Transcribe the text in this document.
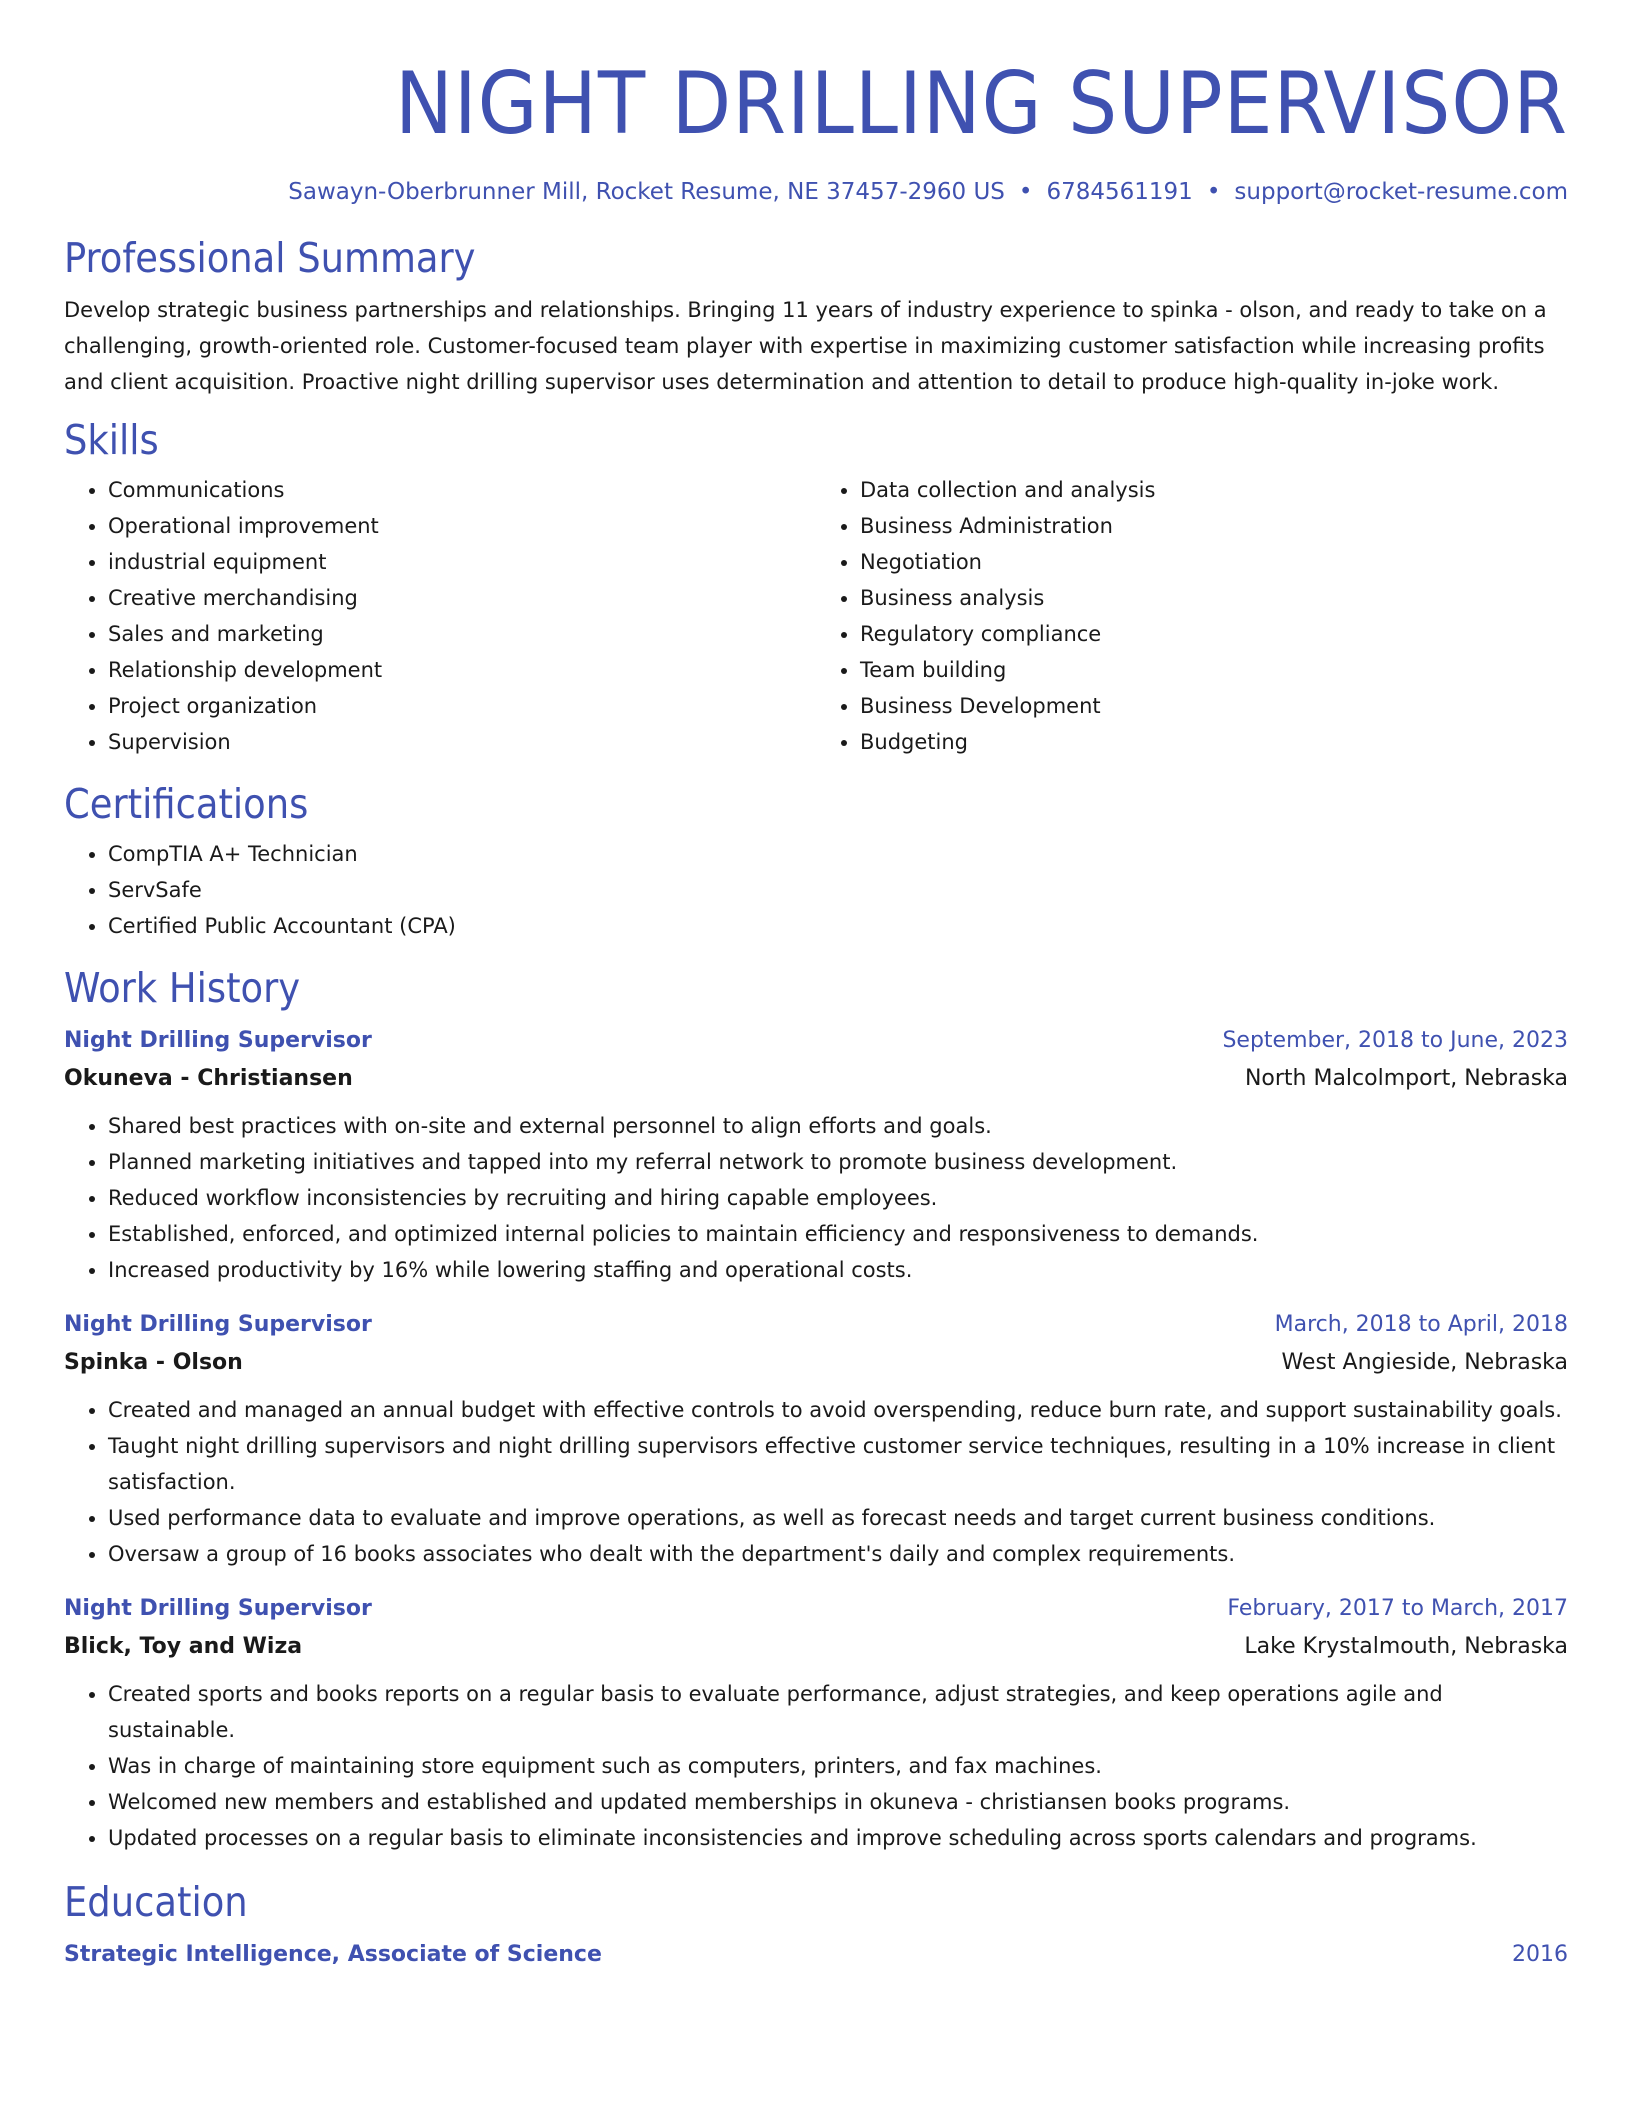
NIGHT DRILLING SUPERVISOR
Sawayn-Oberbrunner Mill, Rocket Resume, NE 37457-2960 US • 6784561191 • support@rocket-resume.com
Professional Summary

Develop strategic business partnerships and relationships. Bringing 11 years of industry experience to spinka - olson, and ready to take on a challenging, growth-oriented role. Customer-focused team player with expertise in maximizing customer satisfaction while increasing profits and client acquisition. Proactive night drilling supervisor uses determination and attention to detail to produce high-quality in-joke work.

Skills
• Communications
• Operational improvement
• industrial equipment
• Creative merchandising
• Sales and marketing
• Relationship development
• Project organization
• Supervision
• Data collection and analysis
• Business Administration
• Negotiation
• Business analysis
• Regulatory compliance
• Team building
• Business Development
• Budgeting
Certifications
• CompTIA A+ Technician
• ServSafe
• Certified Public Accountant (CPA)
Work History
Night Drilling Supervisor	September, 2018 to June, 2023
Okuneva - Christiansen	North Malcolmport, Nebraska
• Shared best practices with on-site and external personnel to align efforts and goals.
• Planned marketing initiatives and tapped into my referral network to promote business development.
• Reduced workflow inconsistencies by recruiting and hiring capable employees.
• Established, enforced, and optimized internal policies to maintain efficiency and responsiveness to demands.
• Increased productivity by 16% while lowering staffing and operational costs.
Night Drilling Supervisor	March, 2018 to April, 2018
Spinka - Olson	West Angieside, Nebraska
• Created and managed an annual budget with effective controls to avoid overspending, reduce burn rate, and support sustainability goals.
• Taught night drilling supervisors and night drilling supervisors effective customer service techniques, resulting in a 10% increase in client satisfaction.
• Used performance data to evaluate and improve operations, as well as forecast needs and target current business conditions.
• Oversaw a group of 16 books associates who dealt with the department's daily and complex requirements.
Night Drilling Supervisor	February, 2017 to March, 2017
Blick, Toy and Wiza	Lake Krystalmouth, Nebraska
• Created sports and books reports on a regular basis to evaluate performance, adjust strategies, and keep operations agile and sustainable.
• Was in charge of maintaining store equipment such as computers, printers, and fax machines.
• Welcomed new members and established and updated memberships in okuneva - christiansen books programs.
• Updated processes on a regular basis to eliminate inconsistencies and improve scheduling across sports calendars and programs.
Education
Strategic Intelligence, Associate of Science	2016
